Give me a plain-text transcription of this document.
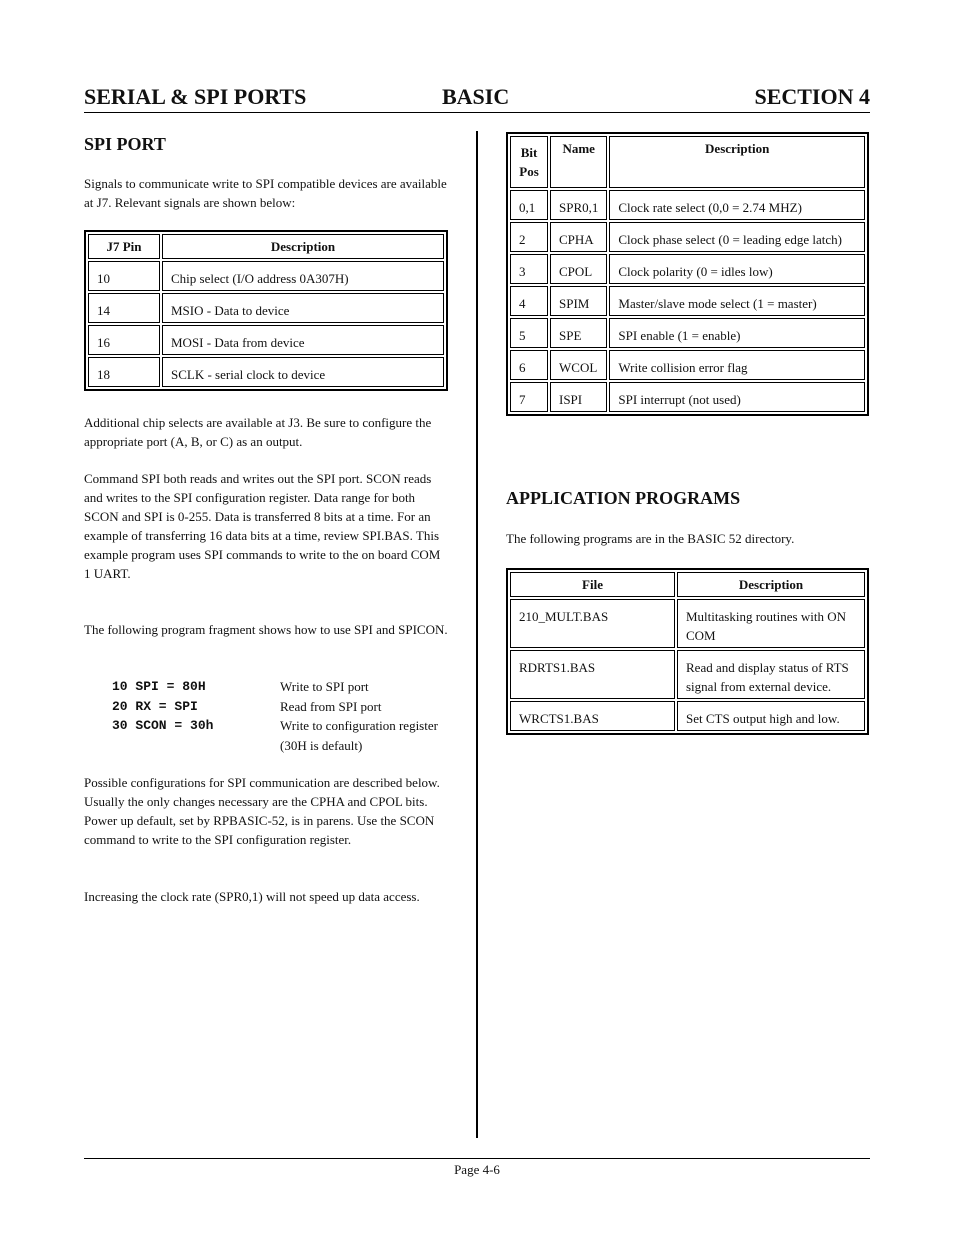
SERIAL & SPI PORTS	BASIC	SECTION 4
SPI PORT

Signals to communicate write to SPI compatible devices are available at J7. Relevant signals are shown below:

J7 Pin	Description
10	Chip select (I/O address 0A307H)
14	MSIO - Data to device
16	MOSI - Data from device
18	SCLK - serial clock to device

Additional chip selects are available at J3. Be sure to configure the appropriate port (A, B, or C) as an output.

Command SPI both reads and writes out the SPI port. SCON reads and writes to the SPI configuration register. Data range for both SCON and SPI is 0-255. Data is transferred 8 bits at a time. For an example of transferring 16 data bits at a time, review SPI.BAS. This example program uses SPI commands to write to the on board COM 1 UART.

The following program fragment shows how to use SPI and SPICON.

10 SPI = 80H	Write to SPI port
20 RX = SPI	Read from SPI port
30 SCON = 30h	Write to configuration register (30H is default)

Possible configurations for SPI communication are described below. Usually the only changes necessary are the CPHA and CPOL bits. Power up default, set by RPBASIC-52, is in parens. Use the SCON command to write to the SPI configuration register.

Increasing the clock rate (SPR0,1) will not speed up data access.

Bit Pos	Name	Description
0,1	SPR0,1	Clock rate select (0,0 = 2.74 MHZ)
2	CPHA	Clock phase select (0 = leading edge latch)
3	CPOL	Clock polarity (0 = idles low)
4	SPIM	Master/slave mode select (1 = master)
5	SPE	SPI enable (1 = enable)
6	WCOL	Write collision error flag
7	ISPI	SPI interrupt (not used)
APPLICATION PROGRAMS

The following programs are in the BASIC 52 directory.

File	Description
210_MULT.BAS	Multitasking routines with ON COM
RDRTS1.BAS	Read and display status of RTS signal from external device.
WRCTS1.BAS	Set CTS output high and low.
Page 4-6
